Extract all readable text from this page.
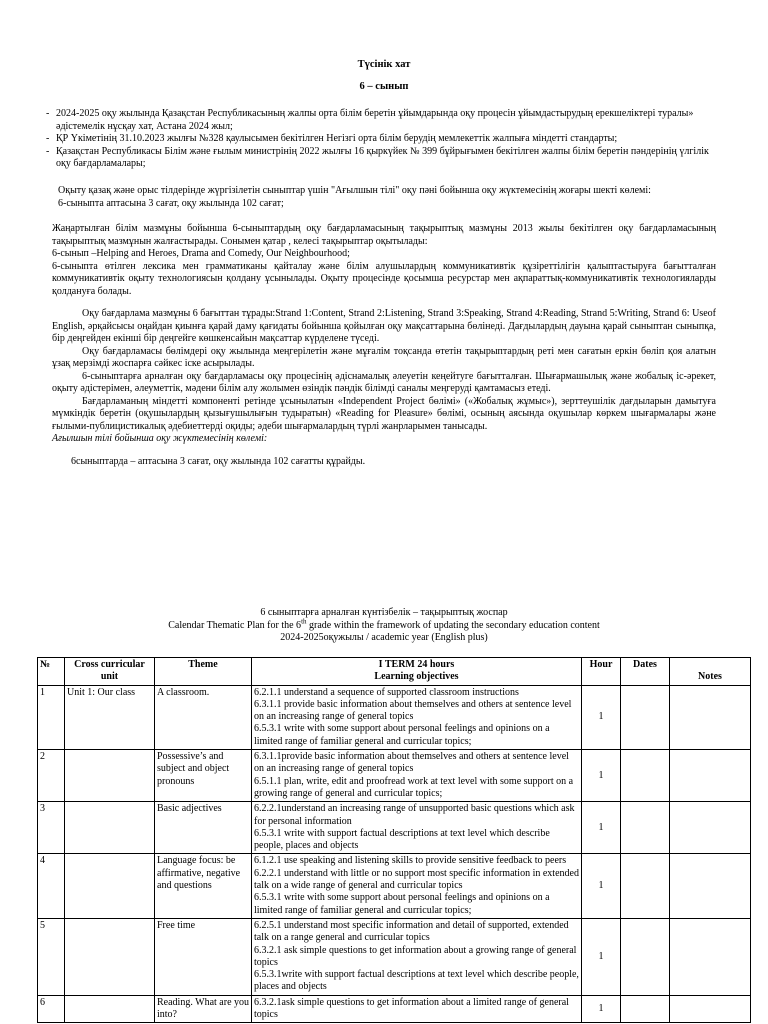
Түсінік хат
6 – сынып
- 2024-2025 оқу жылында Қазақстан Республикасының жалпы орта білім беретін ұйымдарында оқу процесін ұйымдастырудың ерекшеліктері туралы» әдістемелік нұсқау хат, Астана 2024 жыл;
- ҚР Үкіметінің 31.10.2023 жылғы №328 қаулысымен бекітілген Негізгі орта білім берудің мемлекеттік жалпыға міндетті стандарты;
- Қазақстан Республикасы Білім және ғылым министрінің 2022 жылғы 16 қыркүйек № 399 бұйрығымен бекітілген жалпы білім беретін пәндерінің үлгілік оқу бағдарламалары;
Оқыту қазақ және орыс тілдерінде жүргізілетін сыныптар үшін "Ағылшын тілі" оқу пәні бойынша оқу жүктемесінің жоғары шекті көлемі:
6-сыныпта аптасына 3 сағат, оқу жылында 102 сағат;
Жаңартылған білім мазмұны бойынша 6-сыныптардың оқу бағдарламасының тақырыптық мазмұны 2013 жылы бекітілген оқу бағдарламасының тақырыптық мазмұнын жалғастырады. Сонымен қатар , келесі тақырыптар оқытылады:
6-сынып –Helping and Heroes, Drama and Comedy, Our Neighbourhood;
6-сыныпта өтілген лексика мен грамматиканы қайталау және білім алушылардың коммуникативтік құзіреттілігін қалыптастыруға бағытталған коммуникативтік оқыту технологиясын қолдану ұсынылады. Оқыту процесінде қосымша ресурстар мен ақпараттық-коммуникативтік технологияларды қолдануға болады.
Оқу бағдарлама мазмұны 6 бағыттан тұрады:Strand 1:Content, Strand 2:Listening, Strand 3:Speaking, Strand 4:Reading, Strand 5:Writing, Strand 6: Useof English, әрқайсысы оңайдан қиынға қарай даму қағидаты бойынша қойылған оқу мақсаттарына бөлінеді. Дағдылардың дауына қарай сыныптан сыныпқа, бір деңгейден екінші бір деңгейге көшкенсайын мақсаттар күрделене түседі.
Оқу бағдарламасы бөлімдері оқу жылында меңгерілетін және мұғалім тоқсанда өтетін тақырыптардың реті мен сағатын еркін бөліп қоя алатын ұзақ мерзімді жоспарға сәйкес іске асырылады.
6-сыныптарға арналған оқу бағдарламасы оқу процесінің әдіснамалық әлеуетін кеңейтуге бағытталған. Шығармашылық және жобалық іс-әрекет, оқыту әдістерімен, әлеуметтік, мәдени білім алу жолымен өзіндік пәндік білімді саналы меңгеруді қамтамасыз етеді.
Бағдарламаның міндетті компоненті ретінде ұсынылатын «Independent Project бөлімі» («Жобалық жұмыс»), зерттеушілік дағдыларын дамытуға мүмкіндік беретін (оқушылардың қызығушылығын тудыратын) «Reading for Pleasure» бөлімі, осының аясында оқушылар көркем шығармалары және ғылыми-публицистикалық әдебиеттерді оқиды; әдеби шығармалардың түрлі жанрларымен танысады.
Ағылшын тілі бойынша оқу жүктемесінің көлемі:
6сыныптарда – аптасына 3 сағат, оқу жылында 102 сағатты құрайды.
6 сыныптарға арналған күнтізбелік – тақырыптық жоспар
Calendar Thematic Plan for the 6th grade within the framework of updating the secondary education content
2024-2025оқужылы / academic year (English plus)
№	Cross curricular unit	Theme	I TERM 24 hours
Learning objectives	Hour	Dates	Notes
1	Unit 1: Our class	A classroom.	6.2.1.1 understand a sequence of supported classroom instructions
6.3.1.1 provide basic information about themselves and others at sentence level on an increasing range of general topics
6.5.3.1 write with some support about personal feelings and opinions on a limited range of familiar general and curricular topics;	1		
2		Possessive’s and subject and object pronouns	6.3.1.1provide basic information about themselves and others at sentence level on an increasing range of general topics
6.5.1.1 plan, write, edit and proofread work at text level with some support on a growing range of general and curricular topics;	1		
3		Basic adjectives	6.2.2.1understand an increasing range of unsupported basic questions which ask for personal information
6.5.3.1 write with support factual descriptions at text level which describe people, places and objects	1		
4		Language focus: be affirmative, negative and questions	6.1.2.1 use speaking and listening skills to provide sensitive feedback to peers
6.2.2.1 understand with little or no support most specific information in extended talk on a wide range of general and curricular topics
6.5.3.1 write with some support about personal feelings and opinions on a limited range of familiar general and curricular topics;	1		
5		Free time	6.2.5.1 understand most specific information and detail of supported, extended talk on a range general and curricular topics
6.3.2.1 ask simple questions to get information about a growing range of general topics
6.5.3.1write with support factual descriptions at text level which describe people, places and objects	1		
6		Reading. What are you into?	6.3.2.1ask simple questions to get information about a limited range of general topics	1		
